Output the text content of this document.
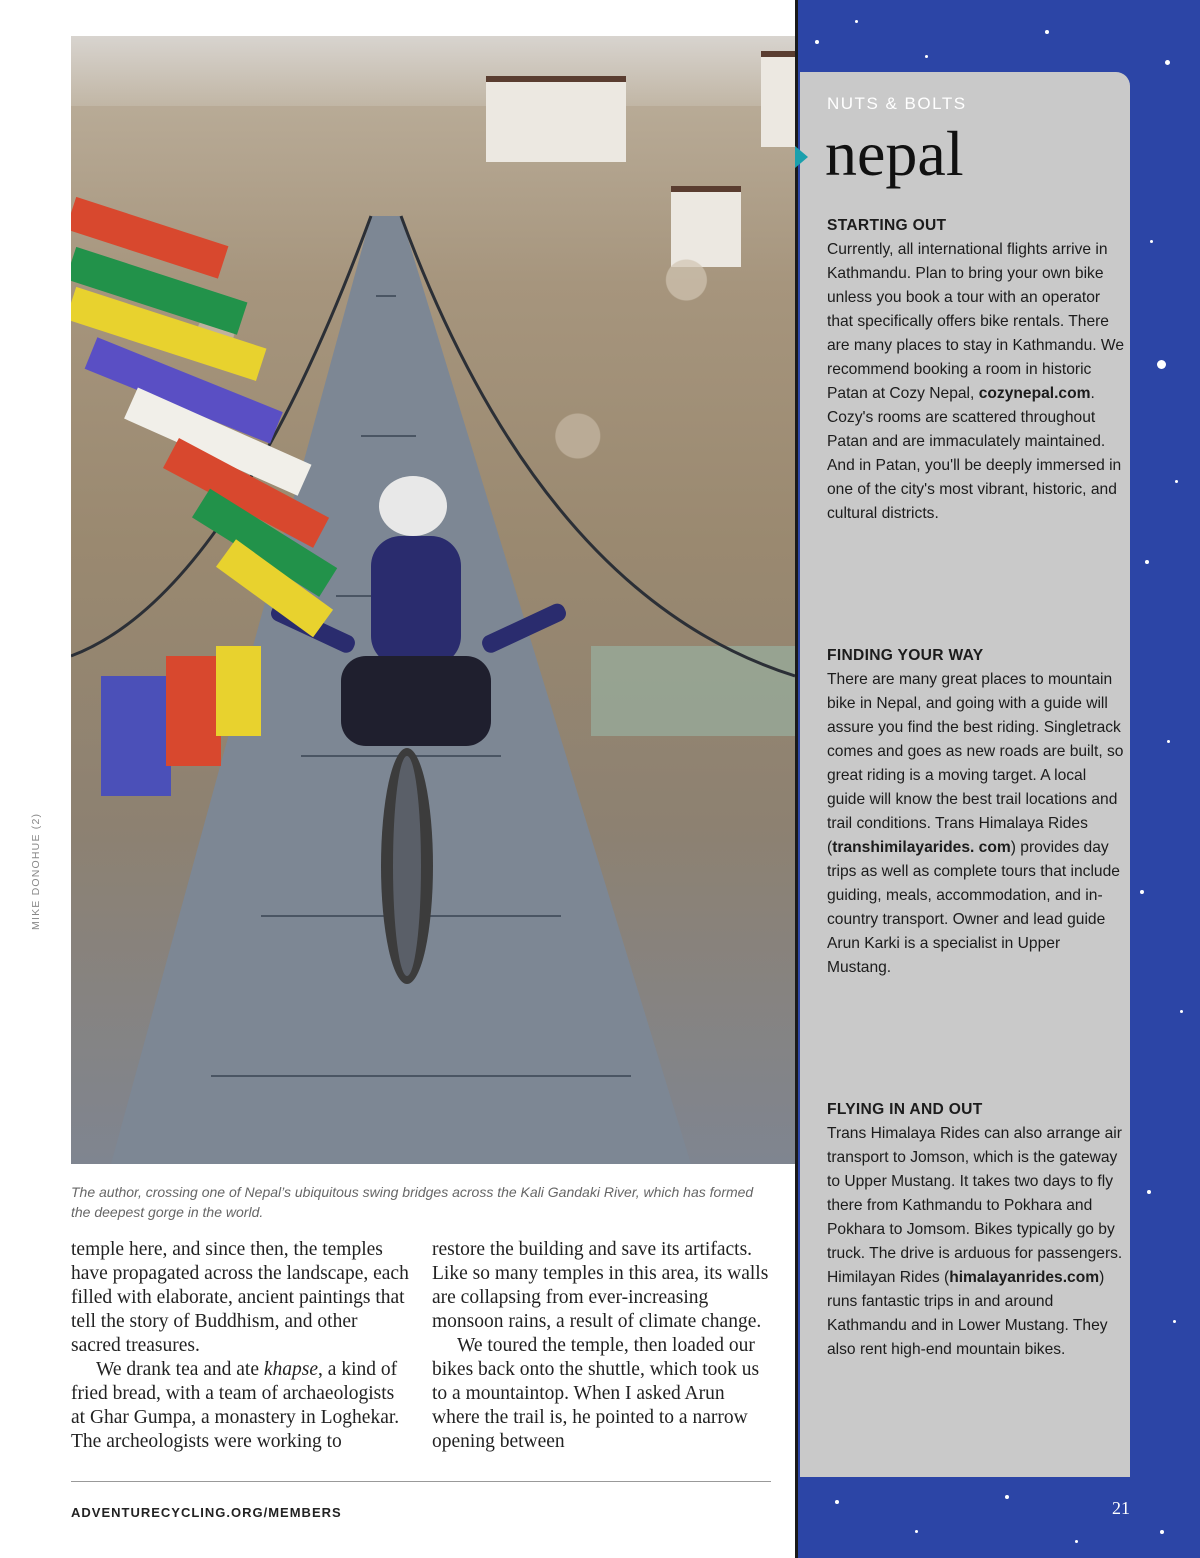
MIKE DONOHUE (2)
The author, crossing one of Nepal’s ubiquitous swing bridges across the Kali Gandaki River, which has formed the deepest gorge in the world.

temple here, and since then, the temples have propagated across the landscape, each filled with elaborate, ancient paintings that tell the story of Buddhism, and other sacred treasures.

We drank tea and ate khapse, a kind of fried bread, with a team of archaeologists at Ghar Gumpa, a monastery in Loghekar. The archeologists were working to

restore the building and save its artifacts. Like so many temples in this area, its walls are collapsing from ever-increasing monsoon rains, a result of climate change.

We toured the temple, then loaded our bikes back onto the shuttle, which took us to a mountaintop. When I asked Arun where the trail is, he pointed to a narrow opening between

ADVENTURECYCLING.ORG/MEMBERS
NUTS & BOLTS
nepal
STARTING OUT

Currently, all international flights arrive in Kathmandu. Plan to bring your own bike unless you book a tour with an operator that specifically offers bike rentals. There are many places to stay in Kathmandu. We recommend booking a room in historic Patan at Cozy Nepal, cozynepal.com. Cozy's rooms are scattered throughout Patan and are immaculately maintained. And in Patan, you'll be deeply immersed in one of the city's most vibrant, historic, and cultural districts.

FINDING YOUR WAY

There are many great places to mountain bike in Nepal, and going with a guide will assure you find the best riding. Singletrack comes and goes as new roads are built, so great riding is a moving target. A local guide will know the best trail locations and trail conditions. Trans Himalaya Rides (transhimilayarides. com) provides day trips as well as complete tours that include guiding, meals, accommodation, and in-country transport. Owner and lead guide Arun Karki is a specialist in Upper Mustang.

FLYING IN AND OUT

Trans Himalaya Rides can also arrange air transport to Jomson, which is the gateway to Upper Mustang. It takes two days to fly there from Kathmandu to Pokhara and Pokhara to Jomsom. Bikes typically go by truck. The drive is arduous for passengers. Himilayan Rides (himalayanrides.com) runs fantastic trips in and around Kathmandu and in Lower Mustang. They also rent high-end mountain bikes.

21
